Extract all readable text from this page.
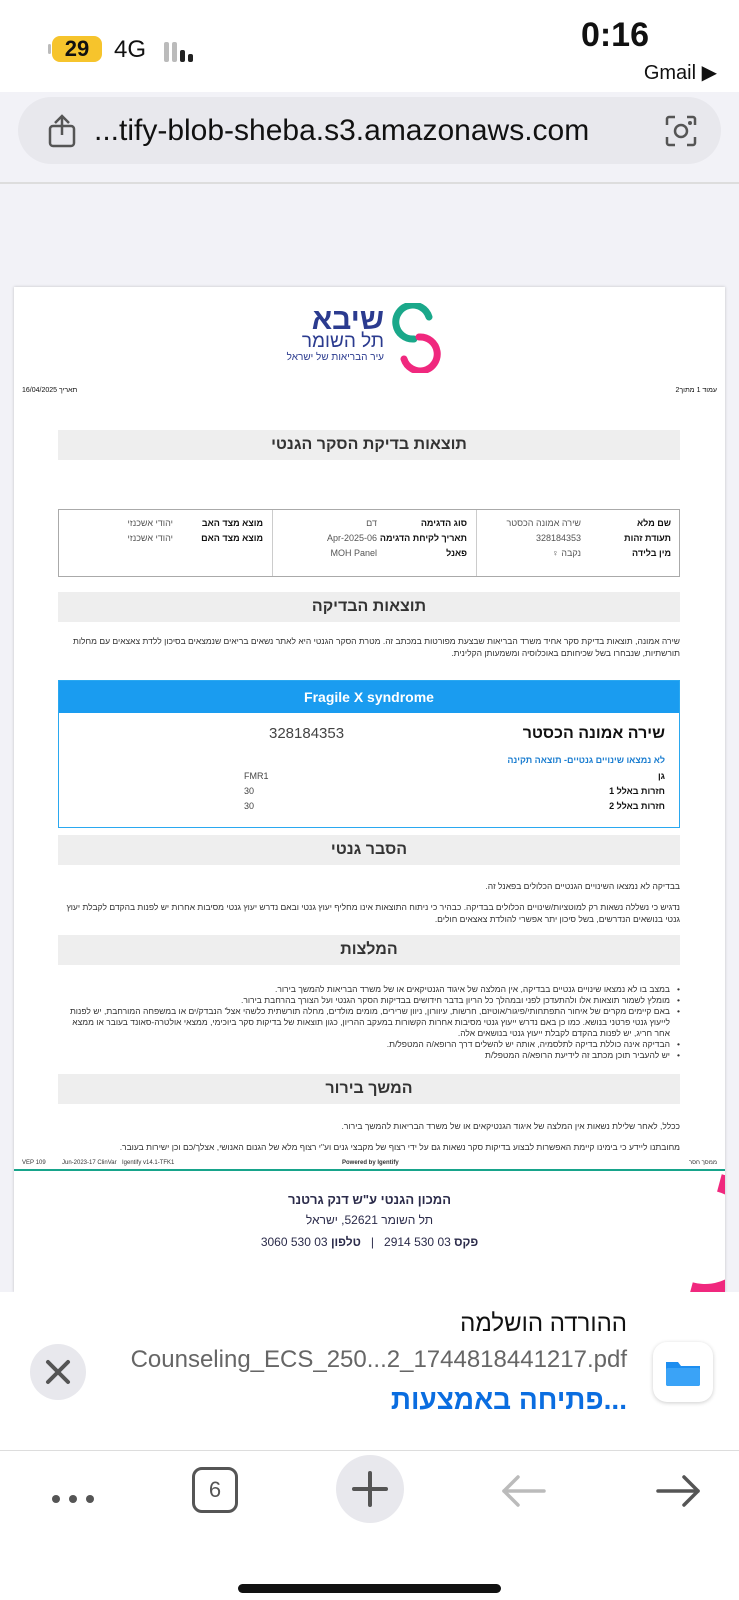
29	4G	0:16
Gmail ▶
...tify-blob-sheba.s3.amazonaws.com
שיבא
תל השומר
עיר הבריאות של ישראל
עמוד 1 מתוך2
תאריך 16/04/2025
תוצאות בדיקת הסקר הגנטי
שם מלא
שירה אמונה הכסטר
תעודת זהות
328184353
מין בלידה
נקבה ♀
סוג הדגימה
דם
תאריך לקיחת הדגימה
Apr-2025-06
פאנל
MOH Panel
מוצא מצד האב
יהודי אשכנזי
מוצא מצד האם
יהודי אשכנזי
תוצאות הבדיקה
שירה אמונה, תוצאות בדיקת סקר אחיד משרד הבריאות שבצעת מפורטות במכתב זה. מטרת הסקר הגנטי היא לאתר נשאים בריאים שנמצאים בסיכון ללדת צאצאים עם מחלות תורשתיות, שנבחרו בשל שכיחותם באוכלוסיה ומשמעותן הקלינית.
Fragile X syndrome
שירה אמונה הכסטר
328184353
לא נמצאו שינויים גנטיים- תוצאה תקינה
גן
FMR1
חזרות באלל 1
30
חזרות באלל 2
30
הסבר גנטי
בבדיקה לא נמצאו השינויים הגנטיים הכלולים בפאנל זה.
נדגיש כי נשללה נשאות רק למוטציות/שינויים הכלולים בבדיקה. כבהיר כי ניתוח התוצאות אינו מחליף יעוץ גנטי ובאם נדרש יעוץ גנטי מסיבות אחרות יש לפנות בהקדם לקבלת יעוץ גנטי בנושאים הנדרשים, בשל סיכון יתר אפשרי להולדת צאצאים חולים.
המלצות
• במצב בו לא נמצאו שינויים גנטיים בבדיקה, אין המלצה של איגוד הגנטיקאים או של משרד הבריאות להמשך בירור.
• מומלץ לשמור תוצאות אלו ולהתעדכן לפני ובמהלך כל הריון בדבר חידושים בבדיקות הסקר הגנטי ועל הצורך בהרחבת בירור.
• באם קיימים מקרים של איחור התפתחותי/פיגור/אוטיזם, חרשות, עיוורון, ניוון שרירים, מומים מולדים, מחלה תורשתית כלשהי אצל' הנבדק/ים או במשפחה המורחבת, יש לפנות לייעוץ גנטי פרטני בנושא. כמו כן באם נדרש ייעוץ גנטי מסיבות אחרות הקשורות במעקב ההריון, כגון תוצאות של בדיקות סקר ביוכימי, ממצאי אולטרה-סאונד בעובר או ממצא אחר חריג, יש לפנות בהקדם לקבלת ייעוץ גנטי בנושאים אלה.
• הבדיקה אינה כוללת בדיקה לתלסמיה, אותה יש להשלים דרך הרופא/ה המטפל/ת.
• יש להעביר תוכן מכתב זה לידיעת הרופא/ה המטפל/ת
המשך בירור
ככלל, לאחר שלילת נשאות אין המלצה של איגוד הגנטיקאים או של משרד הבריאות להמשך בירור.
מחובתנו ליידע כי בימינו קיימת האפשרות לבצוע בדיקות סקר נשאות גם על ידי רצוף של מקבצי גנים וע"י רצוף מלא של הגנום האנושי, אצלך/כם וכן ישירות בעובר.
ממסך חסר
Powered by Igentify
Igentify v14.1-TFK1
Jun-2023-17 ClinVar
109 VEP
המכון הגנטי ע"ש דנק גרטנר
תל השומר 52621, ישראל
פקס 03 530 2914   |   טלפון 03 530 3060
ההורדה הושלמה
Counseling_ECS_250...2_1744818441217.pdf
פתיחה באמצעות...
6
